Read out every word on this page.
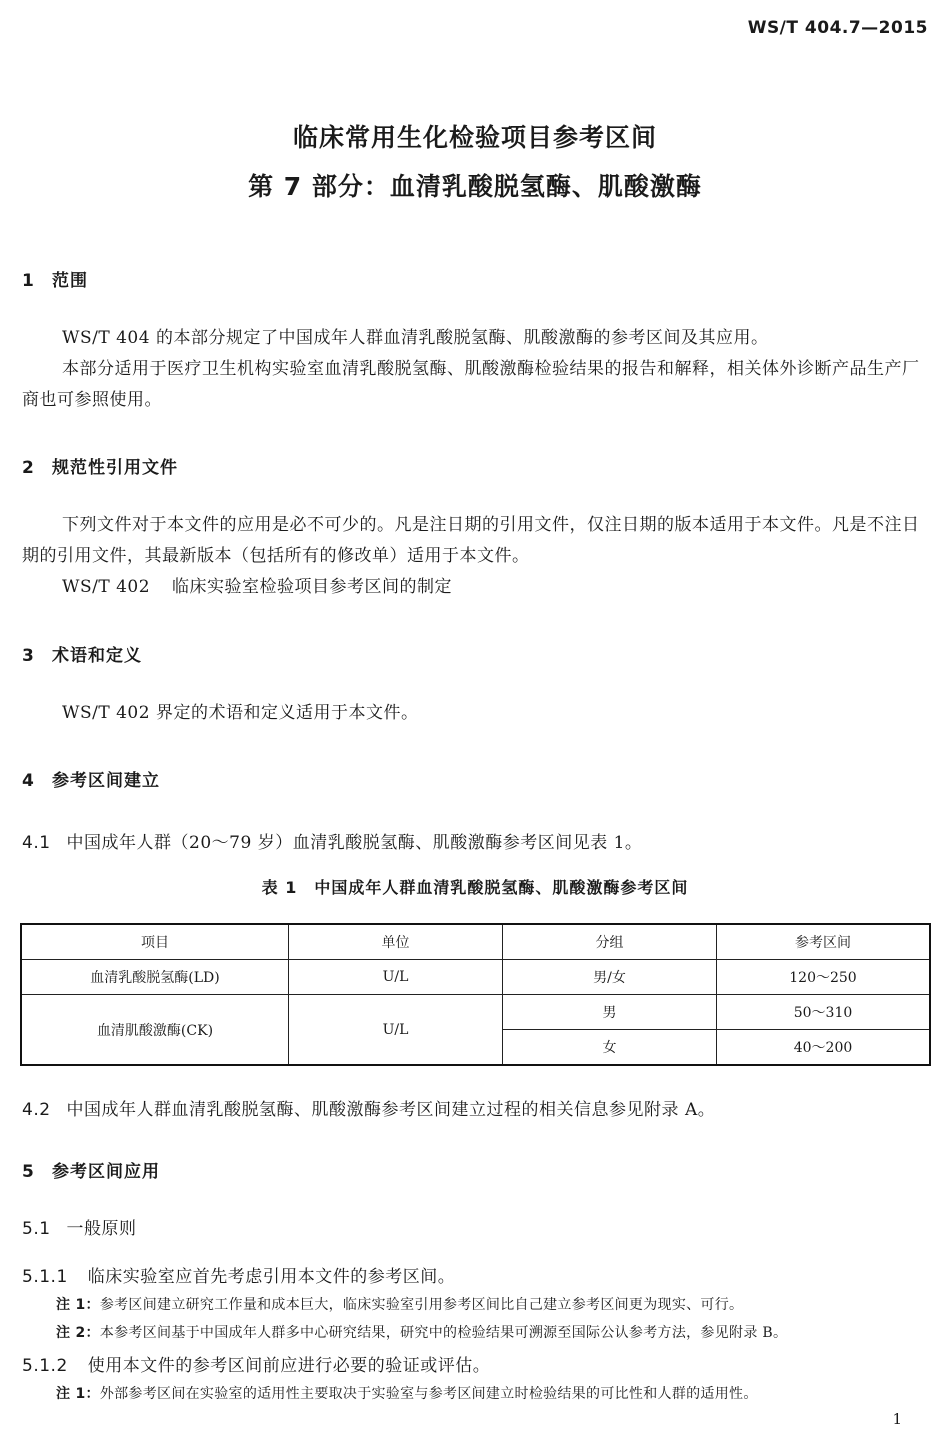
WS/T 404.7—2015
临床常用生化检验项目参考区间
第 7 部分：血清乳酸脱氢酶、肌酸激酶
1 范围
WS/T 404 的本部分规定了中国成年人群血清乳酸脱氢酶、肌酸激酶的参考区间及其应用。
本部分适用于医疗卫生机构实验室血清乳酸脱氢酶、肌酸激酶检验结果的报告和解释，相关体外诊断产品生产厂商也可参照使用。
2 规范性引用文件
下列文件对于本文件的应用是必不可少的。凡是注日期的引用文件，仅注日期的版本适用于本文件。凡是不注日期的引用文件，其最新版本（包括所有的修改单）适用于本文件。
WS/T 402 临床实验室检验项目参考区间的制定
3 术语和定义
WS/T 402 界定的术语和定义适用于本文件。
4 参考区间建立
4.1 中国成年人群（20～79 岁）血清乳酸脱氢酶、肌酸激酶参考区间见表 1。
表 1　中国成年人群血清乳酸脱氢酶、肌酸激酶参考区间
项目	单位	分组	参考区间
血清乳酸脱氢酶(LD)	U/L	男/女	120～250
血清肌酸激酶(CK)	U/L	男	50～310
		女	40～200
4.2 中国成年人群血清乳酸脱氢酶、肌酸激酶参考区间建立过程的相关信息参见附录 A。
5 参考区间应用
5.1 一般原则
5.1.1 临床实验室应首先考虑引用本文件的参考区间。
注 1：参考区间建立研究工作量和成本巨大，临床实验室引用参考区间比自己建立参考区间更为现实、可行。
注 2：本参考区间基于中国成年人群多中心研究结果，研究中的检验结果可溯源至国际公认参考方法，参见附录 B。
5.1.2 使用本文件的参考区间前应进行必要的验证或评估。
注 1：外部参考区间在实验室的适用性主要取决于实验室与参考区间建立时检验结果的可比性和人群的适用性。
1
